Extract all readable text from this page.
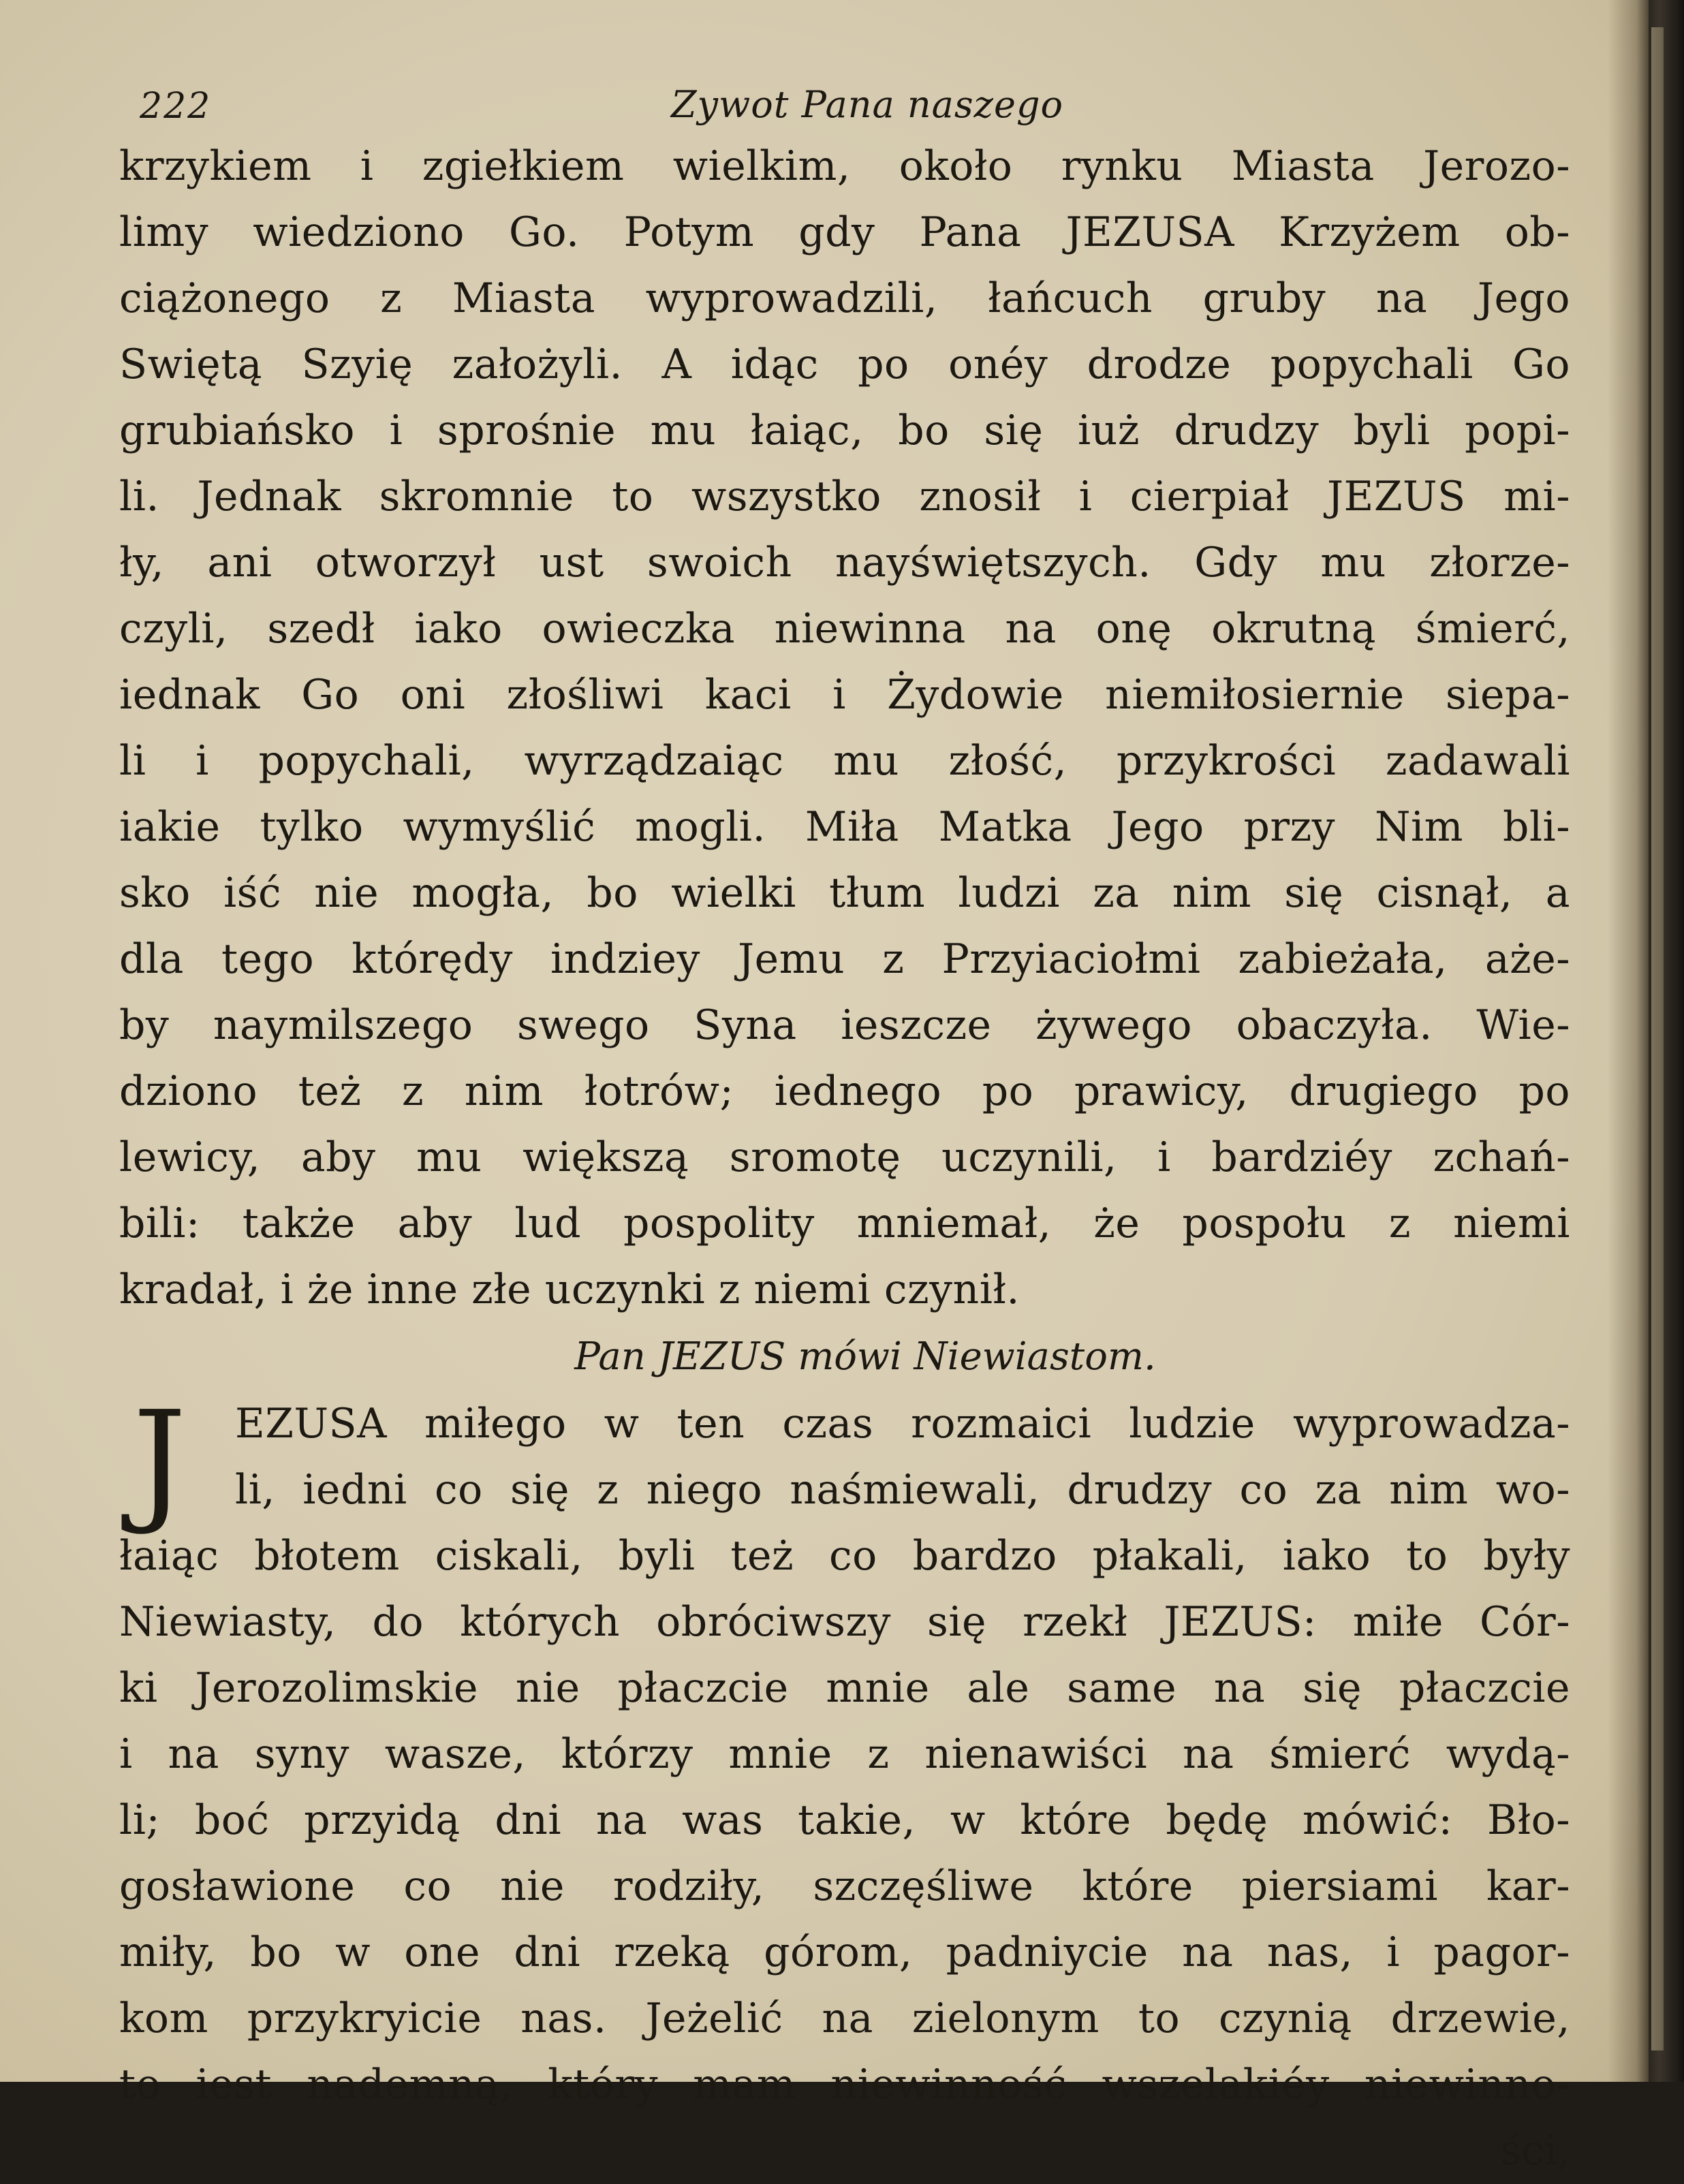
222	Zywot Pana naszego
krzykiem i zgiełkiem wielkim, około rynku Miasta Jerozo-
limy wiedziono Go. Potym gdy Pana JEZUSA Krzyżem ob-
ciążonego z Miasta wyprowadzili, łańcuch gruby na Jego
Swiętą Szyię założyli. A idąc po onéy drodze popychali Go
grubiańsko i sprośnie mu łaiąc, bo się iuż drudzy byli popi-
li. Jednak skromnie to wszystko znosił i cierpiał JEZUS mi-
ły, ani otworzył ust swoich nayświętszych. Gdy mu złorze-
czyli, szedł iako owieczka niewinna na onę okrutną śmierć,
iednak Go oni złośliwi kaci i Żydowie niemiłosiernie siepa-
li i popychali, wyrządzaiąc mu złość, przykrości zadawali
iakie tylko wymyślić mogli. Miła Matka Jego przy Nim bli-
sko iść nie mogła, bo wielki tłum ludzi za nim się cisnął, a
dla tego którędy indziey Jemu z Przyiaciołmi zabieżała, aże-
by naymilszego swego Syna ieszcze żywego obaczyła. Wie-
dziono też z nim łotrów; iednego po prawicy, drugiego po
lewicy, aby mu większą sromotę uczynili, i bardziéy zchań-
bili: także aby lud pospolity mniemał, że pospołu z niemi
kradał, i że inne złe uczynki z niemi czynił.
Pan JEZUS mówi Niewiastom.
J	EZUSA miłego w ten czas rozmaici ludzie wyprowadza-
li, iedni co się z niego naśmiewali, drudzy co za nim wo-
łaiąc błotem ciskali, byli też co bardzo płakali, iako to były
Niewiasty, do których obróciwszy się rzekł JEZUS: miłe Cór-
ki Jerozolimskie nie płaczcie mnie ale same na się płaczcie
i na syny wasze, którzy mnie z nienawiści na śmierć wydą-
li; boć przyidą dni na was takie, w które będę mówić: Bło-
gosławione co nie rodziły, szczęśliwe które piersiami kar-
miły, bo w one dni rzeką górom, padniycie na nas, i pagor-
kom przykryicie nas. Jeżelić na zielonym to czynią drzewie,
to iest nademną, który mam niewinność wszelakiéy niewinno-
ści,
